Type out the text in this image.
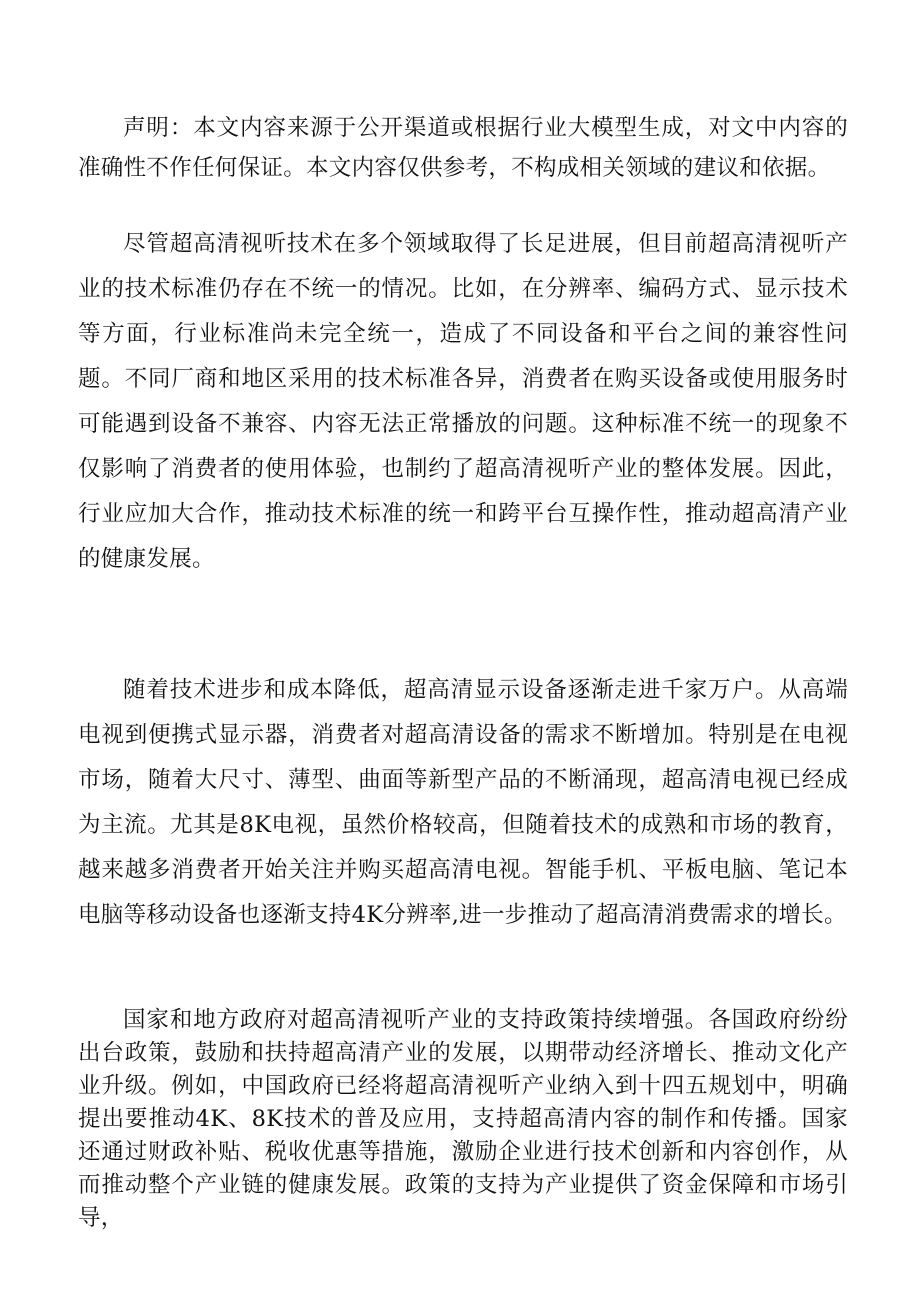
声明：本文内容来源于公开渠道或根据行业大模型生成，对文中内容的准确性不作任何保证。本文内容仅供参考，不构成相关领域的建议和依据。

尽管超高清视听技术在多个领域取得了长足进展，但目前超高清视听产业的技术标准仍存在不统一的情况。比如，在分辨率、编码方式、显示技术等方面，行业标准尚未完全统一，造成了不同设备和平台之间的兼容性问题。不同厂商和地区采用的技术标准各异，消费者在购买设备或使用服务时可能遇到设备不兼容、内容无法正常播放的问题。这种标准不统一的现象不仅影响了消费者的使用体验，也制约了超高清视听产业的整体发展。因此，行业应加大合作，推动技术标准的统一和跨平台互操作性，推动超高清产业的健康发展。

随着技术进步和成本降低，超高清显示设备逐渐走进千家万户。从高端电视到便携式显示器，消费者对超高清设备的需求不断增加。特别是在电视市场，随着大尺寸、薄型、曲面等新型产品的不断涌现，超高清电视已经成为主流。尤其是8K电视，虽然价格较高，但随着技术的成熟和市场的教育，越来越多消费者开始关注并购买超高清电视。智能手机、平板电脑、笔记本电脑等移动设备也逐渐支持4K分辨率,进一步推动了超高清消费需求的增长。

国家和地方政府对超高清视听产业的支持政策持续增强。各国政府纷纷出台政策，鼓励和扶持超高清产业的发展，以期带动经济增长、推动文化产业升级。例如，中国政府已经将超高清视听产业纳入到十四五规划中，明确提出要推动4K、8K技术的普及应用，支持超高清内容的制作和传播。国家还通过财政补贴、税收优惠等措施，激励企业进行技术创新和内容创作，从而推动整个产业链的健康发展。政策的支持为产业提供了资金保障和市场引导，
